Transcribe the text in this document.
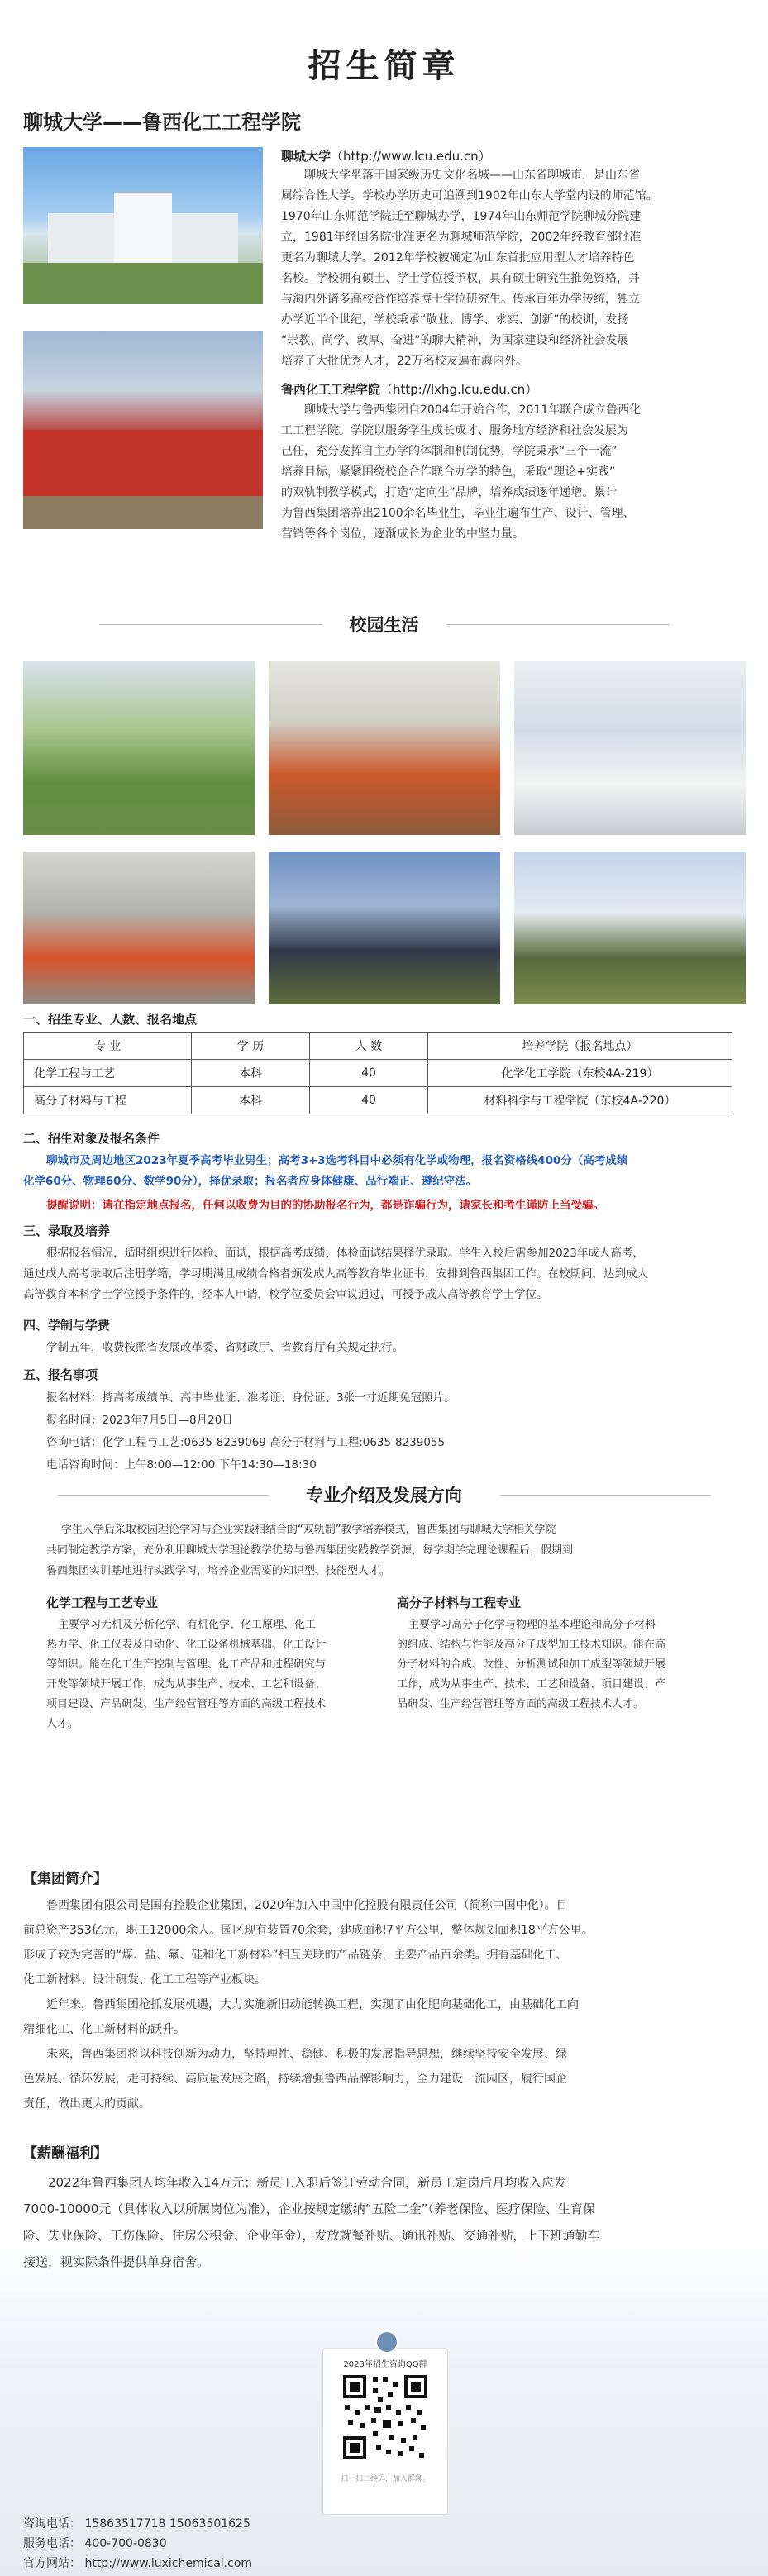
招生简章
聊城大学——鲁西化工工程学院
聊城大学（http://www.lcu.edu.cn）
聊城大学坐落于国家级历史文化名城——山东省聊城市，是山东省
属综合性大学。学校办学历史可追溯到1902年山东大学堂内设的师范馆。
1970年山东师范学院迁至聊城办学，1974年山东师范学院聊城分院建
立，1981年经国务院批准更名为聊城师范学院，2002年经教育部批准
更名为聊城大学。2012年学校被确定为山东首批应用型人才培养特色
名校。学校拥有硕士、学士学位授予权，具有硕士研究生推免资格，并
与海内外诸多高校合作培养博士学位研究生。传承百年办学传统，独立
办学近半个世纪，学校秉承“敬业、博学、求实、创新”的校训，发扬
“崇教、尚学、敦厚、奋进”的聊大精神，为国家建设和经济社会发展
培养了大批优秀人才，22万名校友遍布海内外。
鲁西化工工程学院（http://lxhg.lcu.edu.cn）
聊城大学与鲁西集团自2004年开始合作，2011年联合成立鲁西化
工工程学院。学院以服务学生成长成才、服务地方经济和社会发展为
己任，充分发挥自主办学的体制和机制优势，学院秉承“三个一流”
培养目标，紧紧围绕校企合作联合办学的特色，采取“理论+实践”
的双轨制教学模式，打造“定向生”品牌，培养成绩逐年递增。累计
为鲁西集团培养出2100余名毕业生，毕业生遍布生产、设计、管理、
营销等各个岗位，逐渐成长为企业的中坚力量。
校园生活
一、招生专业、人数、报名地点
专 业	学 历	人 数	培养学院（报名地点）
化学工程与工艺	本科	40	化学化工学院（东校4A-219）
高分子材料与工程	本科	40	材料科学与工程学院（东校4A-220）
二、招生对象及报名条件
聊城市及周边地区2023年夏季高考毕业男生；高考3+3选考科目中必须有化学或物理，报名资格线400分（高考成绩
化学60分、物理60分、数学90分），择优录取；报名者应身体健康、品行端正、遵纪守法。
提醒说明：请在指定地点报名，任何以收费为目的的协助报名行为，都是诈骗行为，请家长和考生谨防上当受骗。
三、录取及培养
根据报名情况，适时组织进行体检、面试，根据高考成绩、体检面试结果择优录取。学生入校后需参加2023年成人高考，
通过成人高考录取后注册学籍，学习期满且成绩合格者颁发成人高等教育毕业证书，安排到鲁西集团工作。在校期间，达到成人
高等教育本科学士学位授予条件的，经本人申请，校学位委员会审议通过，可授予成人高等教育学士学位。
四、学制与学费
学制五年，收费按照省发展改革委、省财政厅、省教育厅有关规定执行。
五、报名事项
报名材料：持高考成绩单、高中毕业证、准考证、身份证、3张一寸近期免冠照片。
报名时间：2023年7月5日—8月20日
咨询电话：化学工程与工艺:0635-8239069 高分子材料与工程:0635-8239055
电话咨询时间：上午8:00—12:00 下午14:30—18:30
专业介绍及发展方向
学生入学后采取校园理论学习与企业实践相结合的“双轨制”教学培养模式，鲁西集团与聊城大学相关学院
共同制定教学方案，充分利用聊城大学理论教学优势与鲁西集团实践教学资源，每学期学完理论课程后，假期到
鲁西集团实训基地进行实践学习，培养企业需要的知识型、技能型人才。
化学工程与工艺专业
主要学习无机及分析化学、有机化学、化工原理、化工
热力学、化工仪表及自动化、化工设备机械基础、化工设计
等知识。能在化工生产控制与管理、化工产品和过程研究与
开发等领域开展工作，成为从事生产、技术、工艺和设备、
项目建设、产品研发、生产经营管理等方面的高级工程技术
人才。
高分子材料与工程专业
主要学习高分子化学与物理的基本理论和高分子材料
的组成、结构与性能及高分子成型加工技术知识。能在高
分子材料的合成、改性、分析测试和加工成型等领域开展
工作，成为从事生产、技术、工艺和设备、项目建设、产
品研发、生产经营管理等方面的高级工程技术人才。
【集团简介】
鲁西集团有限公司是国有控股企业集团，2020年加入中国中化控股有限责任公司（简称中国中化）。目
前总资产353亿元，职工12000余人。园区现有装置70余套，建成面积7平方公里，整体规划面积18平方公里。
形成了较为完善的“煤、盐、氟、硅和化工新材料”相互关联的产品链条，主要产品百余类。拥有基础化工、
化工新材料、设计研发、化工工程等产业板块。
近年来，鲁西集团抢抓发展机遇，大力实施新旧动能转换工程，实现了由化肥向基础化工，由基础化工向
精细化工、化工新材料的跃升。
未来，鲁西集团将以科技创新为动力，坚持理性、稳健、积极的发展指导思想，继续坚持安全发展、绿
色发展、循环发展，走可持续、高质量发展之路，持续增强鲁西品牌影响力，全力建设一流园区，履行国企
责任，做出更大的贡献。
【薪酬福利】
2022年鲁西集团人均年收入14万元；新员工入职后签订劳动合同，新员工定岗后月均收入应发
7000-10000元（具体收入以所属岗位为准），企业按规定缴纳“五险二金”（养老保险、医疗保险、生育保
险、失业保险、工伤保险、住房公积金、企业年金），发放就餐补贴、通讯补贴、交通补贴，上下班通勤车
接送，视实际条件提供单身宿舍。
2023年招生咨询QQ群
扫一扫二维码，加入群聊。
咨询电话： 15863517718 15063501625
服务电话： 400-700-0830
官方网站： http://www.luxichemical.com
